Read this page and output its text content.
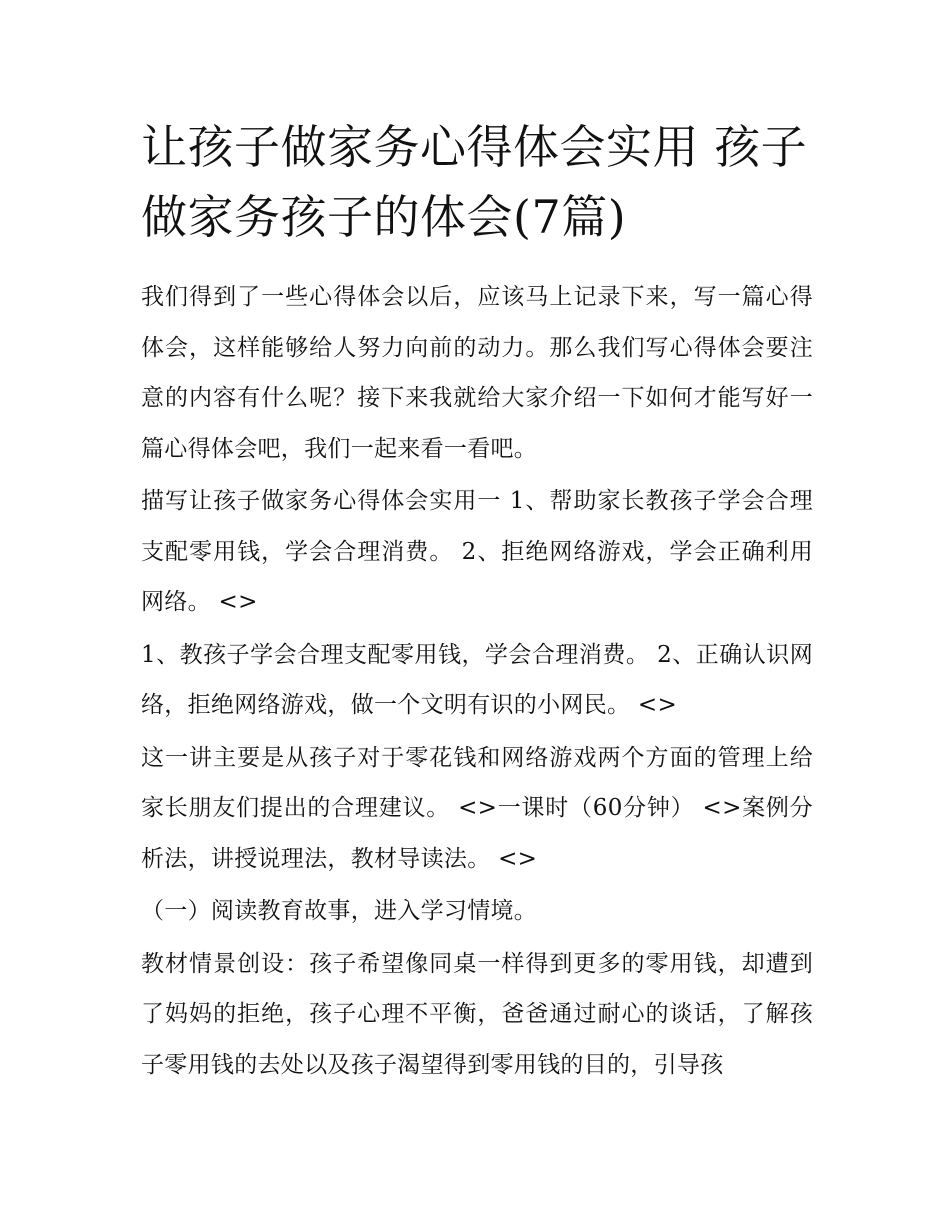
让孩子做家务心得体会实用 孩子做家务孩子的体会(7篇)

我们得到了一些心得体会以后，应该马上记录下来，写一篇心得体会，这样能够给人努力向前的动力。那么我们写心得体会要注意的内容有什么呢？接下来我就给大家介绍一下如何才能写好一篇心得体会吧，我们一起来看一看吧。

描写让孩子做家务心得体会实用一 1、帮助家长教孩子学会合理支配零用钱，学会合理消费。 2、拒绝网络游戏，学会正确利用网络。 <>

1、教孩子学会合理支配零用钱，学会合理消费。 2、正确认识网络，拒绝网络游戏，做一个文明有识的小网民。 <>

这一讲主要是从孩子对于零花钱和网络游戏两个方面的管理上给家长朋友们提出的合理建议。 <>一课时（60分钟） <>案例分析法，讲授说理法，教材导读法。 <>

（一）阅读教育故事，进入学习情境。

教材情景创设：孩子希望像同桌一样得到更多的零用钱，却遭到了妈妈的拒绝，孩子心理不平衡，爸爸通过耐心的谈话，了解孩子零用钱的去处以及孩子渴望得到零用钱的目的，引导孩
